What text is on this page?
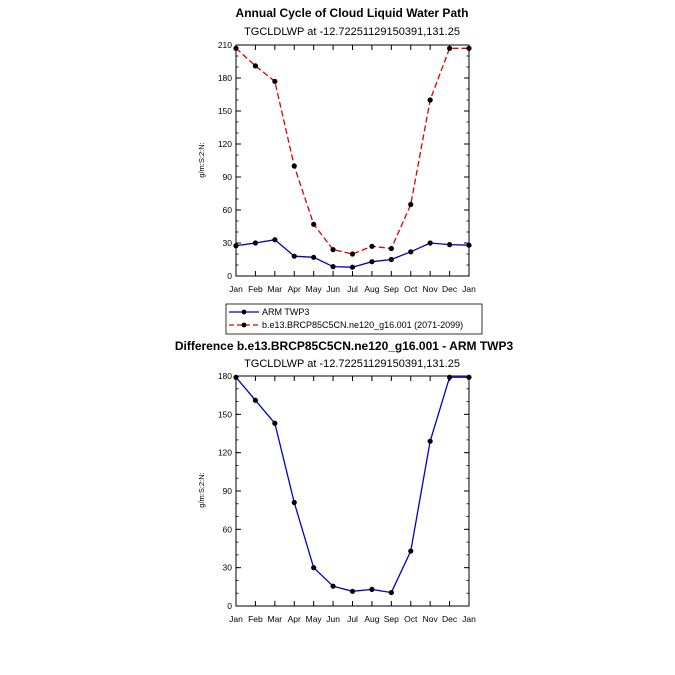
Annual Cycle of Cloud Liquid Water Path
TGCLDLWP at -12.72251129150391,131.25
g/m:S:2:N:
0
30
60
90
120
150
180
210
Jan Feb Mar Apr May Jun Jul Aug Sep Oct Nov Dec Jan
ARM TWP3
b.e13.BRCP85C5CN.ne120_g16.001 (2071-2099)
Difference b.e13.BRCP85C5CN.ne120_g16.001 - ARM TWP3
TGCLDLWP at -12.72251129150391,131.25
g/m:S:2:N:
0
30
60
90
120
150
180
Jan Feb Mar Apr May Jun Jul Aug Sep Oct Nov Dec Jan
